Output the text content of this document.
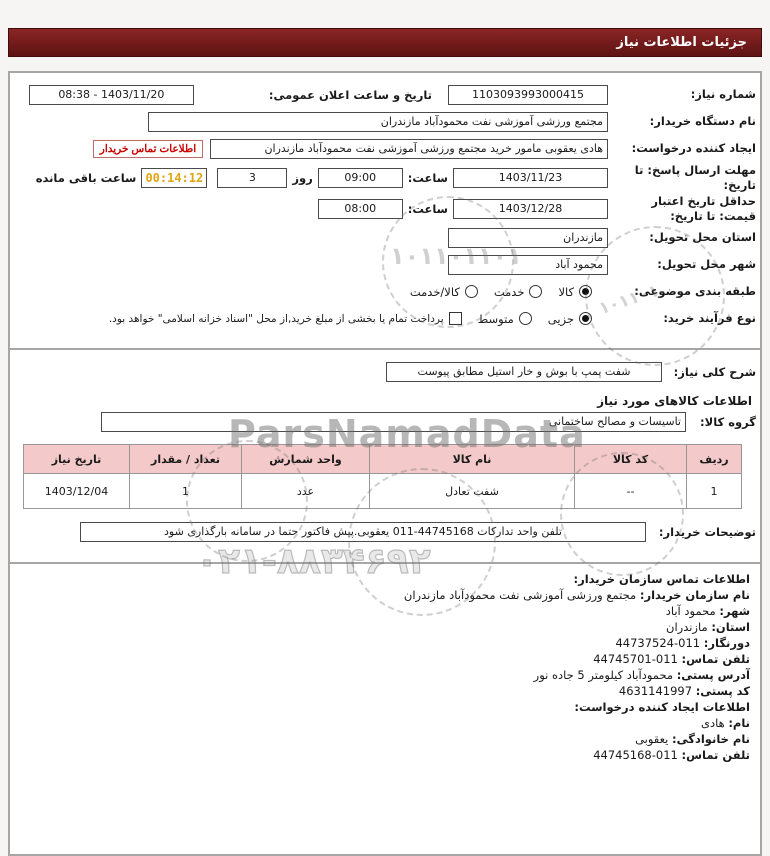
جزئیات اطلاعات نیاز
شماره نیاز:
1103093993000415
تاریخ و ساعت اعلان عمومی:
1403/11/20 - 08:38
نام دستگاه خریدار:
مجتمع ورزشی آموزشی نفت محمودآباد مازندران
ایجاد کننده درخواست:
هادی یعقوبی مامور خرید مجتمع ورزشی آموزشی نفت محمودآباد مازندران
اطلاعات تماس خریدار
مهلت ارسال پاسخ: تا تاریخ:
1403/11/23
ساعت:
09:00
روز
3
00:14:12
ساعت باقی مانده
حداقل تاریخ اعتبار قیمت: تا تاریخ:
1403/12/28
ساعت:
08:00
استان محل تحویل:
مازندران
شهر محل تحویل:
محمود آباد
طبقه بندی موضوعی:
کالا
خدمت
کالا/خدمت
نوع فرآیند خرید:
جزیی
متوسط
پرداخت تمام یا بخشی از مبلغ خرید,از محل "اسناد خزانه اسلامی" خواهد بود.
شرح کلی نیاز:
شفت پمپ با بوش و خار استیل مطابق پیوست
اطلاعات کالاهای مورد نیاز
گروه کالا:
تاسیسات و مصالح ساختمانی
ردیف	کد کالا	نام کالا	واحد شمارش	تعداد / مقدار	تاریخ نیاز
1	--	شفت تعادل	عدد	1	1403/12/04
توضیحات خریدار:
تلفن واحد تدارکات 44745168-011 یعقوبی.پیش فاکتور حتما در سامانه بارگذاری شود
اطلاعات تماس سازمان خریدار:
نام سازمان خریدار: مجتمع ورزشی آموزشی نفت محمودآباد مازندران
شهر: محمود آباد
استان: مازندران
دورنگار: 011-44737524
تلفن تماس: 011-44745701
آدرس پستی: محمودآباد کیلومتر 5 جاده نور
کد پستی: 4631141997
اطلاعات ایجاد کننده درخواست:
نام: هادی
نام خانوادگی: یعقوبی
تلفن تماس: 011-44745168
۱۰۱۱۰۱۱۰۱
۱۰۱۱۰۱
ParsNamadData
